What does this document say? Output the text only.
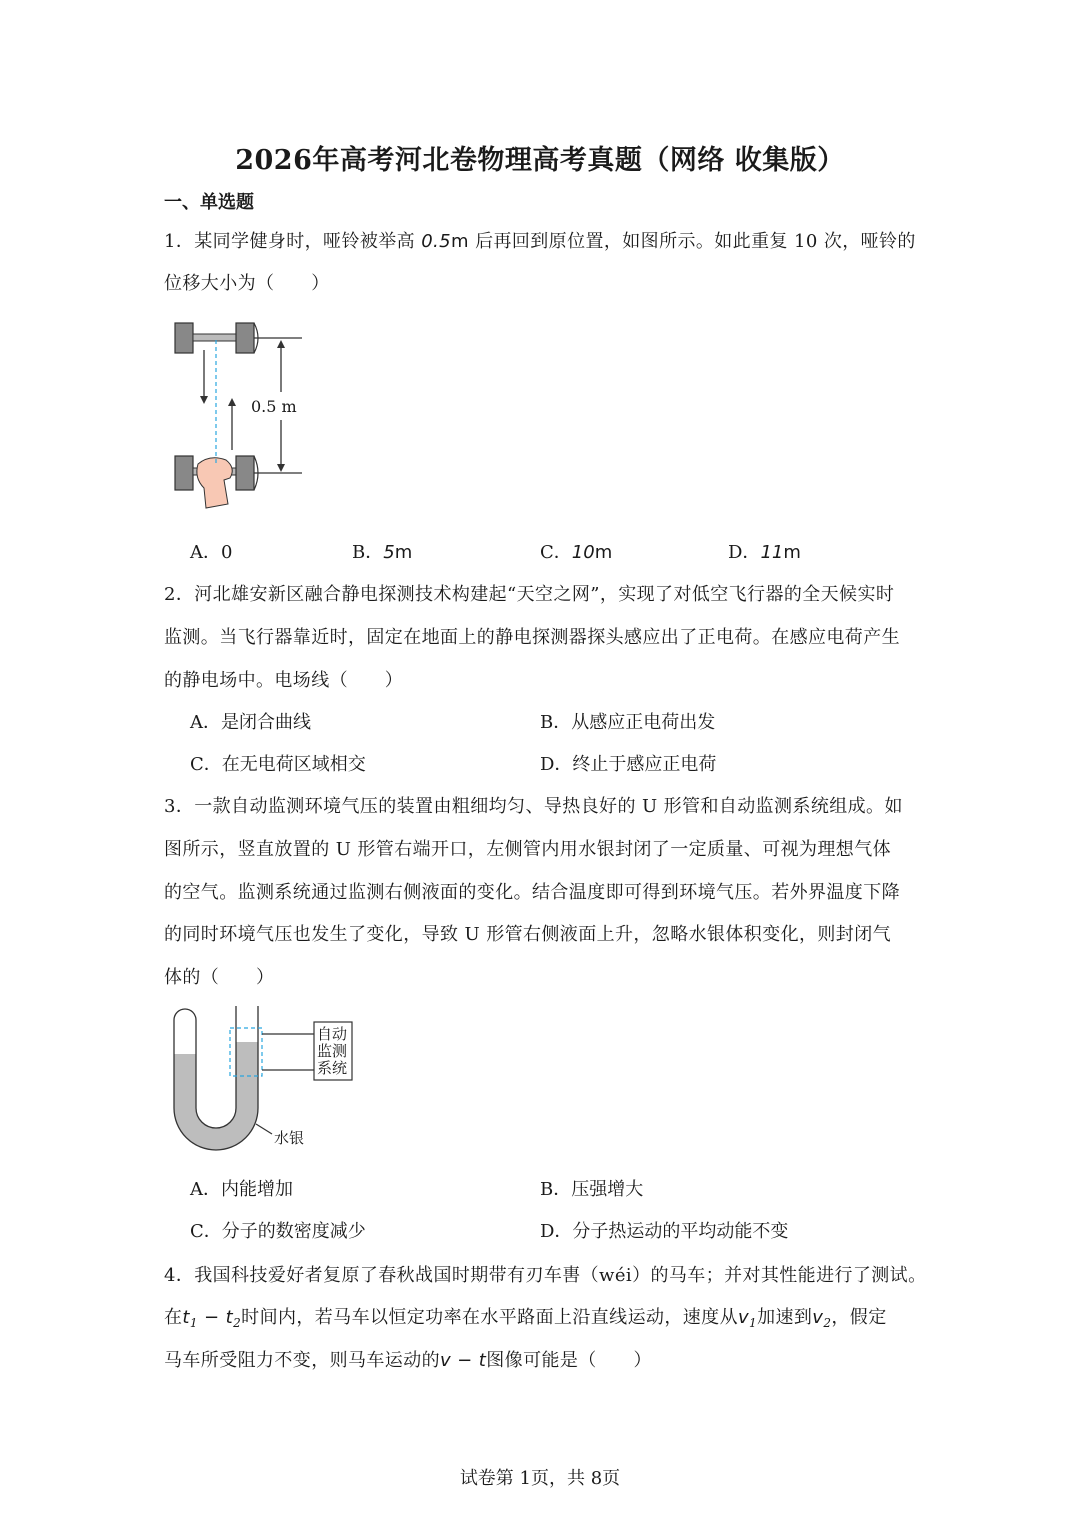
2026年高考河北卷物理高考真题（网络 收集版）
一、单选题
1．某同学健身时，哑铃被举高 0.5m 后再回到原位置，如图所示。如此重复 10 次，哑铃的
位移大小为（　　）
0.5 m
A．0	B．5m	C．10m	D．11m
2．河北雄安新区融合静电探测技术构建起“天空之网”，实现了对低空飞行器的全天候实时
监测。当飞行器靠近时，固定在地面上的静电探测器探头感应出了正电荷。在感应电荷产生
的静电场中。电场线（　　）
A．是闭合曲线	B．从感应正电荷出发
C．在无电荷区域相交	D．终止于感应正电荷
3．一款自动监测环境气压的装置由粗细均匀、导热良好的 U 形管和自动监测系统组成。如
图所示，竖直放置的 U 形管右端开口，左侧管内用水银封闭了一定质量、可视为理想气体
的空气。监测系统通过监测右侧液面的变化。结合温度即可得到环境气压。若外界温度下降
的同时环境气压也发生了变化，导致 U 形管右侧液面上升，忽略水银体积变化，则封闭气
体的（　　）
自动
监测
系统
水银
A．内能增加	B．压强增大
C．分子的数密度减少	D．分子热运动的平均动能不变
4．我国科技爱好者复原了春秋战国时期带有刃车軎（wéi）的马车；并对其性能进行了测试。
在$t_1 - t_2$时间内，若马车以恒定功率在水平路面上沿直线运动，速度从$v_1$加速到$v_2$，假定
马车所受阻力不变，则马车运动的v − t图像可能是（　　）
试卷第 1页，共 8页
